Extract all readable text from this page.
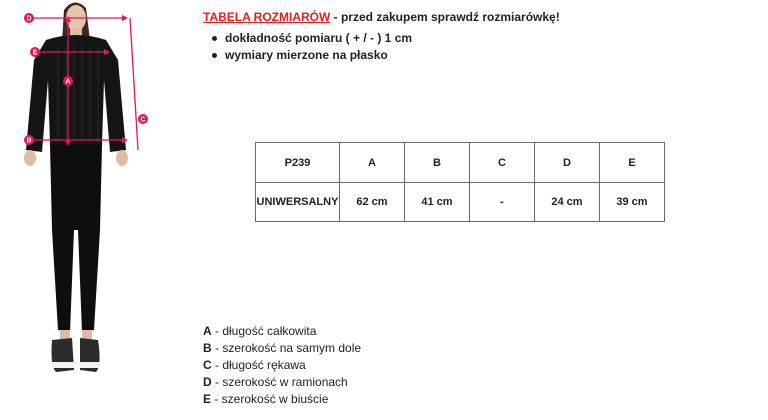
D
E
A
B
C
TABELA ROZMIARÓW - przed zakupem sprawdź rozmiarówkę!
dokładność pomiaru ( + / - ) 1 cm
wymiary mierzone na płasko
P239	A	B	C	D	E
UNIWERSALNY	62 cm	41 cm	-	24 cm	39 cm
A - długość całkowita
B - szerokość na samym dole
C - długość rękawa
D - szerokość w ramionach
E - szerokość w biuście
